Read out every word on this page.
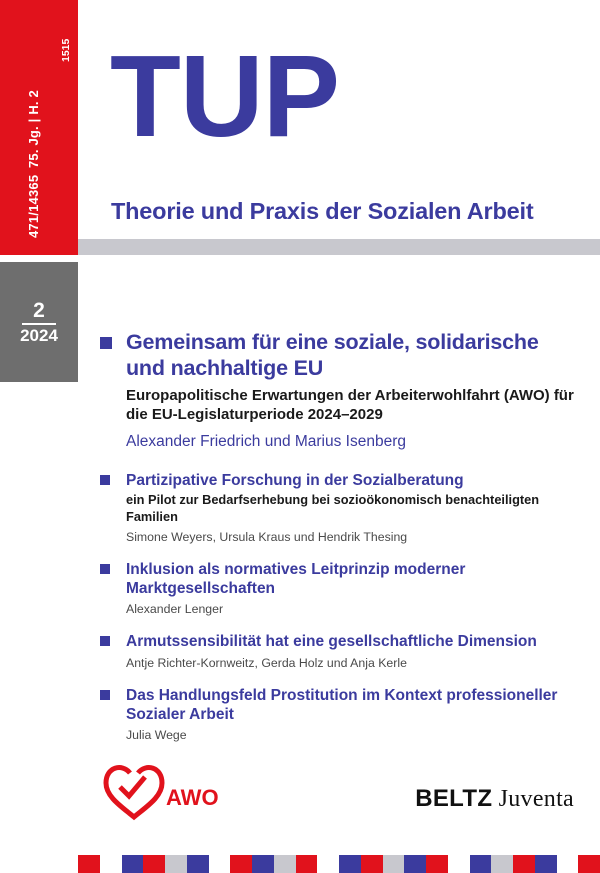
75. Jg. | H. 2
471/14365
1515
2
2024
TUP
Theorie und Praxis der Sozialen Arbeit
Gemeinsam für eine soziale, solidarische und nachhaltige EU
Europapolitische Erwartungen der Arbeiterwohlfahrt (AWO) für die EU-Legislaturperiode 2024–2029
Alexander Friedrich und Marius Isenberg
Partizipative Forschung in der Sozialberatung
ein Pilot zur Bedarfserhebung bei sozioökonomisch benachteiligten Familien
Simone Weyers, Ursula Kraus und Hendrik Thesing
Inklusion als normatives Leitprinzip moderner Marktgesellschaften
Alexander Lenger
Armutssensibilität hat eine gesellschaftliche Dimension
Antje Richter-Kornweitz, Gerda Holz und Anja Kerle
Das Handlungsfeld Prostitution im Kontext professioneller Sozialer Arbeit
Julia Wege
AWO	BELTZ Juventa
